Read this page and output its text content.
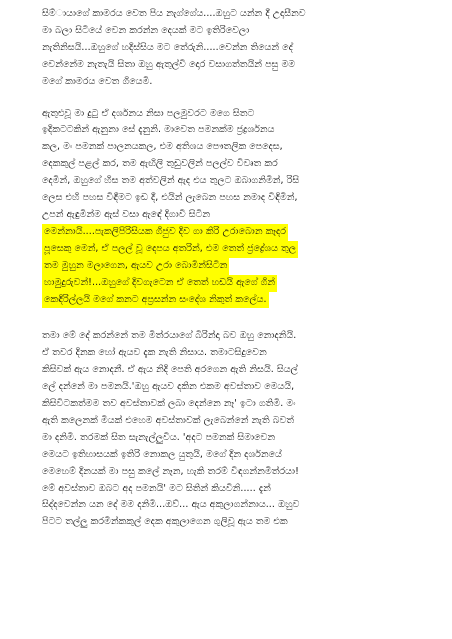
සිම්‍ායාගේ කාමරය වෙත පිය නැග්ගේය....ඔහුට යන්න දී උදාසීනව
මා බලා සිටියේ වෙන කරන්න දෙයක් මට ඉතිරිවෙලා
නැතිනිසයි...ඔහුගේ හදිස්සිය මට තේරුනි.....වෙන්න තියෙන් දේ
වෙන්නේම නැතැයි සිතා ඔහු ඇතුල්වී දොර වසාගත්තයින් පසු මම
මගේ කාමරය වෙත ගියෙමි.
ඇතුළුවූ මා දුටු ඒ දර්ශනය නිසා පලමුවරට මගෙ සිතට
ඉදිකටටකින් ඇනුනා සේ දැනුනි. මාවෙත පමනක්ම ජ්‍රද්‍රර්ශනය
කල, මං පමනක් පාලනයකල, එම අතිශය පෞතලික පෙදෙස,
දෙකකුල් පළල් කර, තම ඇඟිලි තුඩුවලින් පලල්ව විවෘත කර
දෙමින්, ඔහුගේ හිස තම අත්වලින් ඇද එය තුලට ඔබාගනිමින්, රිසි
ලෙස එහි පහස විඳීමට ඉඩ දී, එයින් ලැබෙන පහස නමාද විඳිමින්,
උපන් ඇඳුමින්ම ඇස් වසා ඇඳේ දිගාවී සිටින
මෙන්නායි....පැකලිපිරිසියක ගිජුව දිව ගා කිරි උරාබොන කෑදර
පූසෙකු මෙන්, ඒ පලල් වූ දෙපය අතරින්, එම තෙත් ජ්‍රද්‍රේශය තුල
තම මුහුන මලාගෙන, ඇයව උරා බොමින්සිටින
හාමුදුරුවන්!...ඔහුගේ දිවගැටෙන ඒ තෙත් හඩයි ඇගේ ගින්
කෙඳිරිල්ලයි මගේ කනට අප්‍රසන්න සංදේශ නිකුත් කලේය.
තමා මේ දේ කරන්නේ තම මිත්රයාගේ බිරින්දා බව ඔහු නොදනියි.
ඒ තවර දිනක හෝ ඇයව දැක නැති නිසාය. තමාටසිදුවෙන
කිසිවක් ඇය නොදනී. ඒ ඇය නිදි පෙති අරගෙන ඇති නිසයි. සියල්
ලේ දන්නේ මා පමනයි.'ඔහු ඇයව දකින එකම අවස්තාව මෙයයි,
කිසිවිටකත්මම තව අවස්තාවක් ලබා දෙන්නෙ නෑ' ඉටා ගතිමි. මං
ඇති කලෙනක් මියක් එහෙම අවස්තාවක් ලැබෙන්නේ නැති බවත්
මා දනිමි. තරමක් සිත සැනැල්ලුවිය. 'අදට පමනක් සිමාවෙන
මෙයට ඉතිහාසයක් ඉතිරි නොකල යුතුයි, මගේ දින දර්ශනයේ
මෙහෙම් දිනයක් මා පසු කලේ නෑන, හැකි තරම් විඳගන්නමිත්රයා!
මේ අවස්තාව ඔබට අද පමනයි' මට සිතින් කියවිනි..... දැන්
සිද්දවෙන්න යන දේ මම දනිමි...ඔව්... ඇය අකුලාගන්නාය... ඔහුව
පිටට තල්ලු කරමින්කකුල් දෙක අකුලාගෙන ගුලිවූ ඇය තම එක
